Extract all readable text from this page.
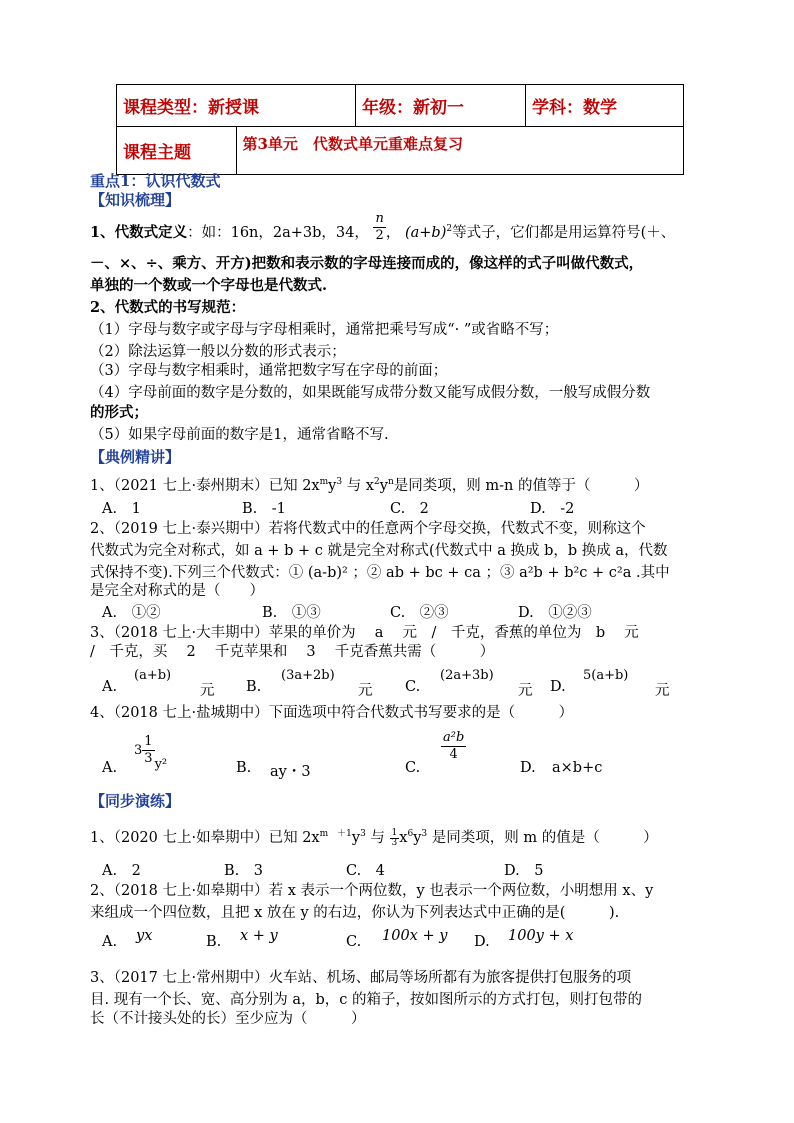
课程类型：新授课		年级：新初一	学科：数学
课程主题	第3单元　代数式单元重难点复习		
重点1：认识代数式
【知识梳理】
1、代数式定义：如：16n，2a+3b，34， $\frac{n}{2}$ ， $(a+b)^2$等式子，它们都是用运算符号(＋、
－、×、÷、乘方、开方)把数和表示数的字母连接而成的，像这样的式子叫做代数式，
单独的一个数或一个字母也是代数式.
2、代数式的书写规范：
（1）字母与数字或字母与字母相乘时，通常把乘号写成“· ”或省略不写；
（2）除法运算一般以分数的形式表示；
（3）字母与数字相乘时，通常把数字写在字母的前面；
（4）字母前面的数字是分数的，如果既能写成带分数又能写成假分数，一般写成假分数
的形式；
（5）如果字母前面的数字是1，通常省略不写.
【典例精讲】
1、（2021 七上·泰州期末）已知 $2x^my^3$ 与 $x^2y^n$是同类项，则 m-n 的值等于（　　　）
A.　1	B.　-1	C.　2	D.　-2
2、（2019 七上·泰兴期中）若将代数式中的任意两个字母交换，代数式不变，则称这个
代数式为完全对称式，如 a + b + c 就是完全对称式(代数式中 a 换成 b，b 换成 a，代数
式保持不变).下列三个代数式：① (a-b)² ；② ab + bc + ca ；③ a²b + b²c + c²a .其中
是完全对称式的是（　　）
A.　①②	B.　①③	C.　②③	D.　①②③
3、（2018 七上·大丰期中）苹果的单价为　 a　 元　/　千克，香蕉的单位为　b　 元
/　千克，买　 2　 千克苹果和　 3　 千克香蕉共需（　　　）
A.
(a+b)
元 B.
(3a+2b)
元 C.
(2a+3b)
元 D.
5(a+b)
元
4、（2018 七上·盐城期中）下面选项中符合代数式书写要求的是（　　　）
A.
$3 \frac{1}{3} y^2$	B. ay・3	C.
$\frac{\text{a²b}}{4}$
D. a×b+c
【同步演练】
1、（2020 七上·如皋期中）已知 $2x^{m +1}y^3$ 与 $\frac{1}{3} x^6y^3$ 是同类项，则 m 的值是（　　　）
A.　2	B.　3	C.　4	D.　5
2、（2018 七上·如皋期中）若 x 表示一个两位数，y 也表示一个两位数，小明想用 x、y
来组成一个四位数，且把 x 放在 y 的右边，你认为下列表达式中正确的是(　　　).
A. yx	B. x + y	C. 100x + y D. 100y + x
3、（2017 七上·常州期中）火车站、机场、邮局等场所都有为旅客提供打包服务的项
目. 现有一个长、宽、高分别为 a，b，c 的箱子，按如图所示的方式打包，则打包带的
长（不计接头处的长）至少应为（　　　）
